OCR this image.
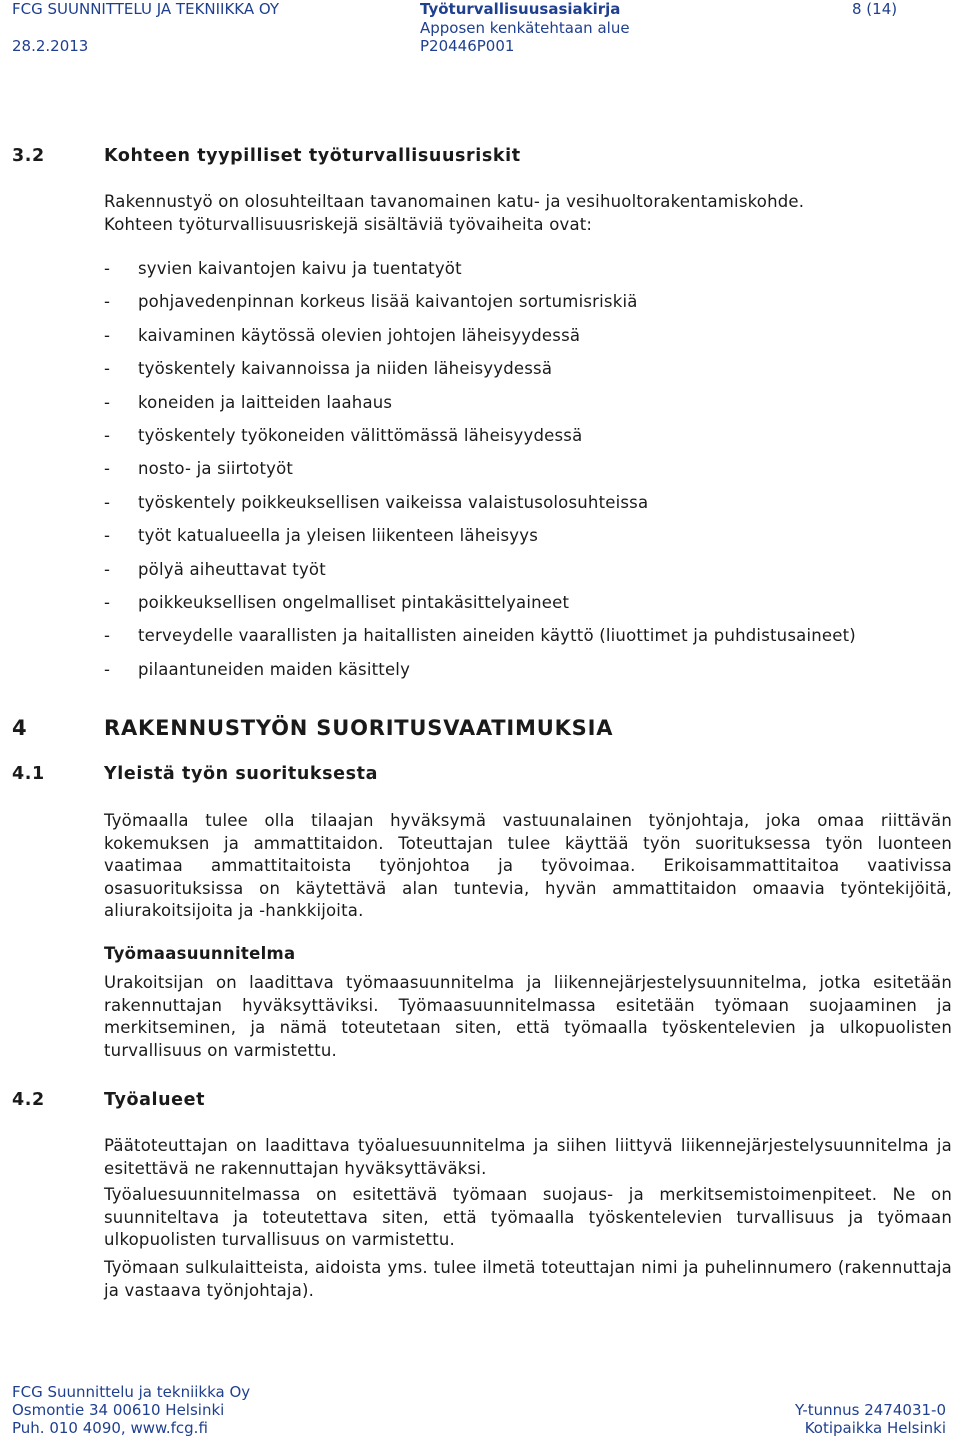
FCG SUUNNITTELU JA TEKNIIKKA OY
28.2.2013
Työturvallisuusasiakirja
Apposen kenkätehtaan alue
P20446P001
8 (14)
3.2	Kohteen tyypilliset työturvallisuusriskit
Rakennustyö on olosuhteiltaan tavanomainen katu- ja vesihuoltorakentamiskohde.
Kohteen työturvallisuusriskejä sisältäviä työvaiheita ovat:
- syvien kaivantojen kaivu ja tuentatyöt
- pohjavedenpinnan korkeus lisää kaivantojen sortumisriskiä
- kaivaminen käytössä olevien johtojen läheisyydessä
- työskentely kaivannoissa ja niiden läheisyydessä
- koneiden ja laitteiden laahaus
- työskentely työkoneiden välittömässä läheisyydessä
- nosto- ja siirtotyöt
- työskentely poikkeuksellisen vaikeissa valaistusolosuhteissa
- työt katualueella ja yleisen liikenteen läheisyys
- pölyä aiheuttavat työt
- poikkeuksellisen ongelmalliset pintakäsittelyaineet
- terveydelle vaarallisten ja haitallisten aineiden käyttö (liuottimet ja puhdistusaineet)
- pilaantuneiden maiden käsittely
4	RAKENNUSTYÖN SUORITUSVAATIMUKSIA
4.1	Yleistä työn suorituksesta
Työmaalla tulee olla tilaajan hyväksymä vastuunalainen työnjohtaja, joka omaa riittävän kokemuksen ja ammattitaidon. Toteuttajan tulee käyttää työn suorituksessa työn luonteen vaatimaa ammattitaitoista työnjohtoa ja työvoimaa. Erikoisammattitaitoa vaativissa osasuorituksissa on käytettävä alan tuntevia, hyvän ammattitaidon omaavia työntekijöitä, aliurakoitsijoita ja -hankkijoita.
Työmaasuunnitelma
Urakoitsijan on laadittava työmaasuunnitelma ja liikennejärjestelysuunnitelma, jotka esitetään rakennuttajan hyväksyttäviksi. Työmaasuunnitelmassa esitetään työmaan suojaaminen ja merkitseminen, ja nämä toteutetaan siten, että työmaalla työskentelevien ja ulkopuolisten turvallisuus on varmistettu.
4.2	Työalueet
Päätoteuttajan on laadittava työaluesuunnitelma ja siihen liittyvä liikennejärjestelysuunnitelma ja esitettävä ne rakennuttajan hyväksyttäväksi.
Työaluesuunnitelmassa on esitettävä työmaan suojaus- ja merkitsemistoimenpiteet. Ne on suunniteltava ja toteutettava siten, että työmaalla työskentelevien turvallisuus ja työmaan ulkopuolisten turvallisuus on varmistettu.
Työmaan sulkulaitteista, aidoista yms. tulee ilmetä toteuttajan nimi ja puhelinnumero (rakennuttaja ja vastaava työnjohtaja).
FCG Suunnittelu ja tekniikka Oy
Osmontie 34 00610 Helsinki
Puh. 010 4090, www.fcg.fi
Y-tunnus 2474031-0
Kotipaikka Helsinki
